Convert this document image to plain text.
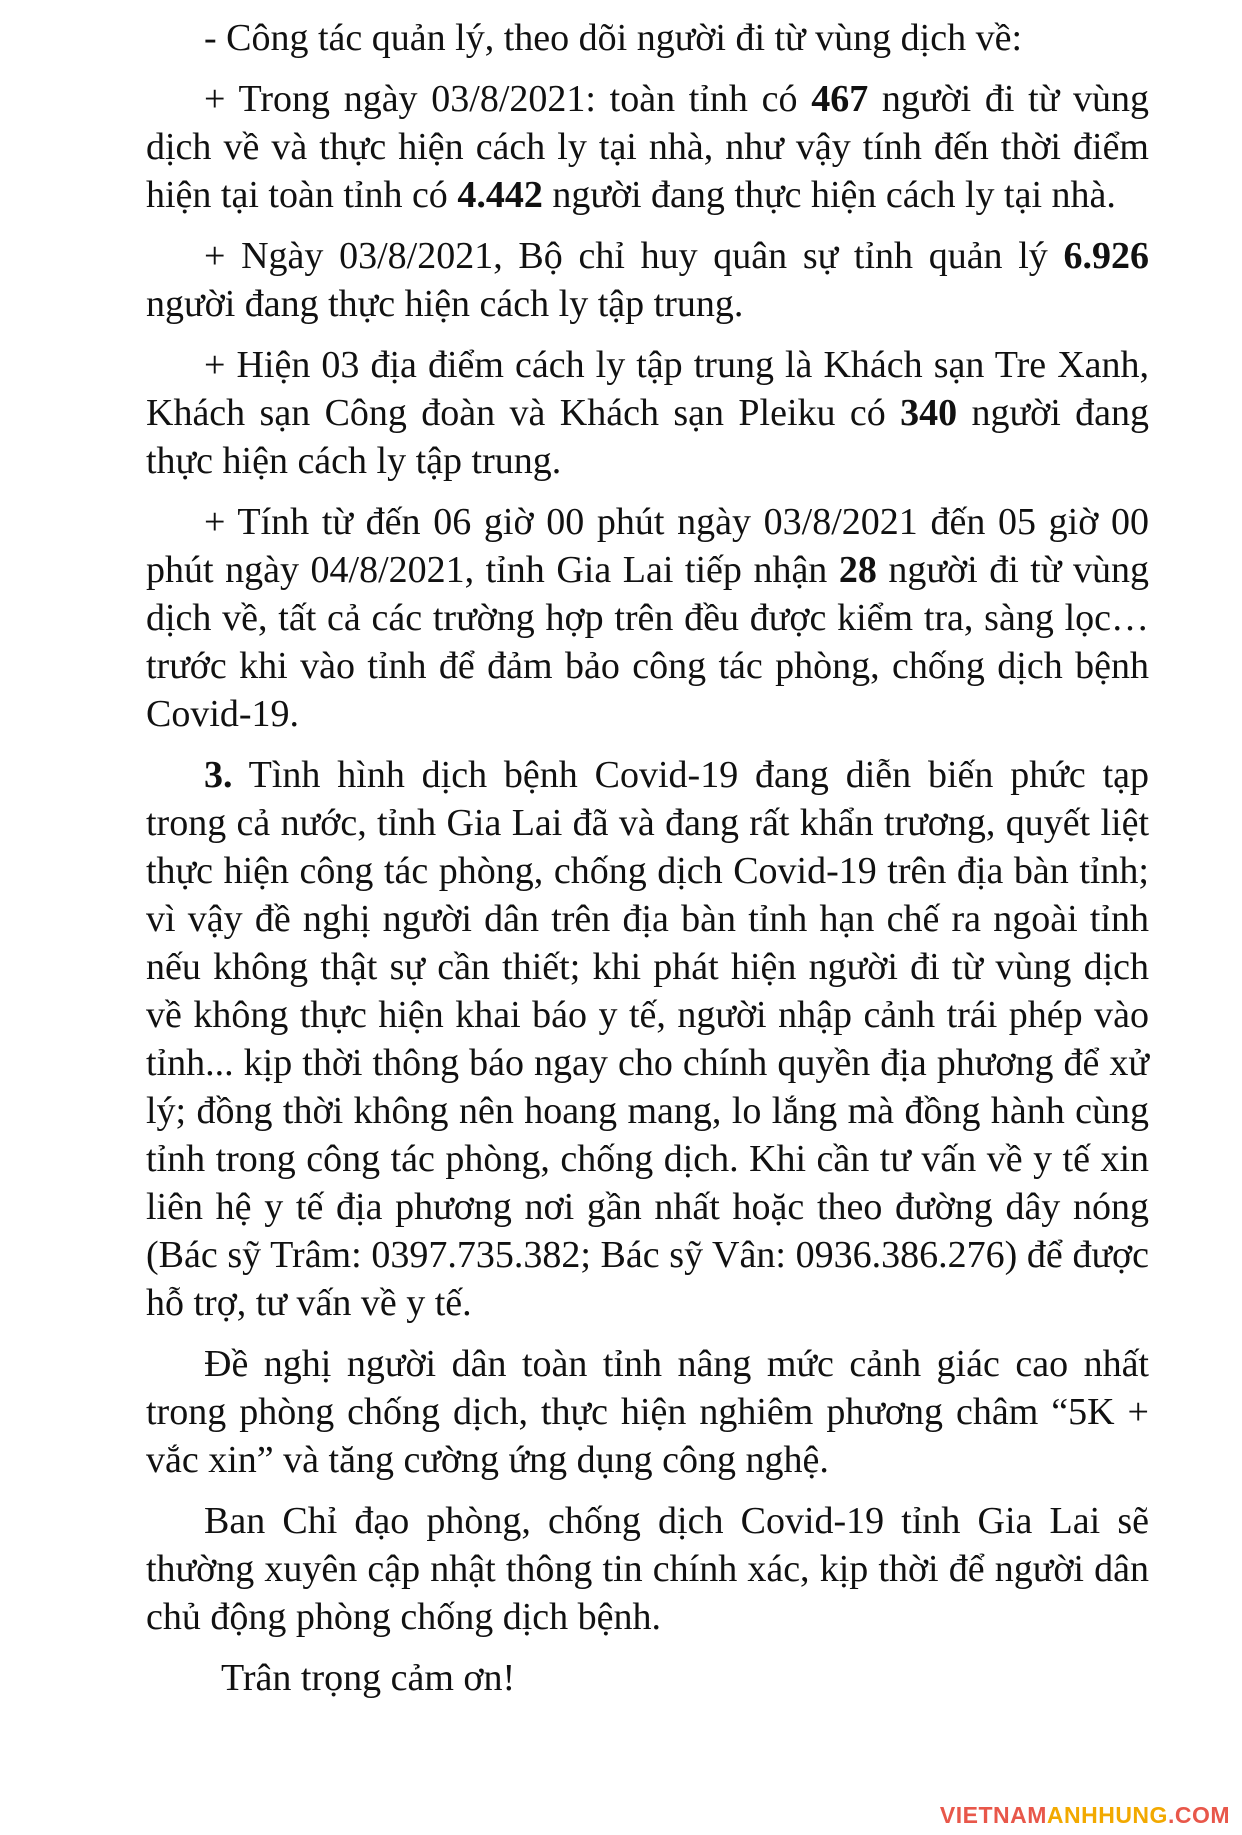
- Công tác quản lý, theo dõi người đi từ vùng dịch về:

+ Trong ngày 03/8/2021: toàn tỉnh có 467 người đi từ vùng dịch về và thực hiện cách ly tại nhà, như vậy tính đến thời điểm hiện tại toàn tỉnh có 4.442 người đang thực hiện cách ly tại nhà.

+ Ngày 03/8/2021, Bộ chỉ huy quân sự tỉnh quản lý 6.926 người đang thực hiện cách ly tập trung.

+ Hiện 03 địa điểm cách ly tập trung là Khách sạn Tre Xanh, Khách sạn Công đoàn và Khách sạn Pleiku có 340 người đang thực hiện cách ly tập trung.

+ Tính từ đến 06 giờ 00 phút ngày 03/8/2021 đến 05 giờ 00 phút ngày 04/8/2021, tỉnh Gia Lai tiếp nhận 28 người đi từ vùng dịch về, tất cả các trường hợp trên đều được kiểm tra, sàng lọc… trước khi vào tỉnh để đảm bảo công tác phòng, chống dịch bệnh Covid-19.

3. Tình hình dịch bệnh Covid-19 đang diễn biến phức tạp trong cả nước, tỉnh Gia Lai đã và đang rất khẩn trương, quyết liệt thực hiện công tác phòng, chống dịch Covid-19 trên địa bàn tỉnh; vì vậy đề nghị người dân trên địa bàn tỉnh hạn chế ra ngoài tỉnh nếu không thật sự cần thiết; khi phát hiện người đi từ vùng dịch về không thực hiện khai báo y tế, người nhập cảnh trái phép vào tỉnh... kịp thời thông báo ngay cho chính quyền địa phương để xử lý; đồng thời không nên hoang mang, lo lắng mà đồng hành cùng tỉnh trong công tác phòng, chống dịch. Khi cần tư vấn về y tế xin liên hệ y tế địa phương nơi gần nhất hoặc theo đường dây nóng (Bác sỹ Trâm: 0397.735.382; Bác sỹ Vân: 0936.386.276) để được hỗ trợ, tư vấn về y tế.

Đề nghị người dân toàn tỉnh nâng mức cảnh giác cao nhất trong phòng chống dịch, thực hiện nghiêm phương châm “5K + vắc xin” và tăng cường ứng dụng công nghệ.

Ban Chỉ đạo phòng, chống dịch Covid-19 tỉnh Gia Lai sẽ thường xuyên cập nhật thông tin chính xác, kịp thời để người dân chủ động phòng chống dịch bệnh.

Trân trọng cảm ơn!

VIETNAMANHHUNG.COM
